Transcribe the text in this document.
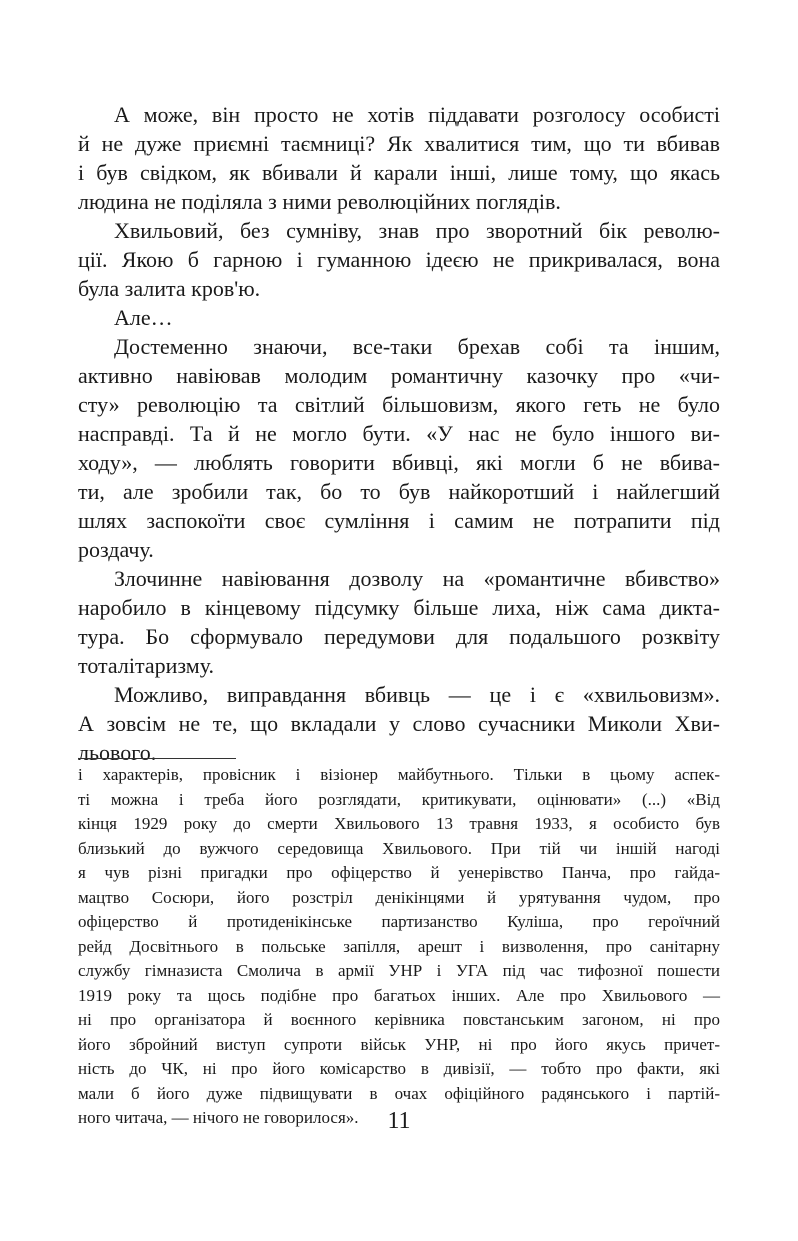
А може, він просто не хотів піддавати розголосу особисті
й не дуже приємні таємниці? Як хвалитися тим, що ти вбивав
і був свідком, як вбивали й карали інші, лише тому, що якась
людина не поділяла з ними революційних поглядів.

Хвильовий, без сумніву, знав про зворотний бік револю-
ції. Якою б гарною і гуманною ідеєю не прикривалася, вона
була залита кров'ю.

Але…

Достеменно знаючи, все-таки брехав собі та іншим,
активно навіював молодим романтичну казочку про «чи-
сту» революцію та світлий більшовизм, якого геть не було
насправді. Та й не могло бути. «У нас не було іншого ви-
ходу», — люблять говорити вбивці, які могли б не вбива-
ти, але зробили так, бо то був найкоротший і найлегший
шлях заспокоїти своє сумління і самим не потрапити під
роздачу.

Злочинне навіювання дозволу на «романтичне вбивство»
наробило в кінцевому підсумку більше лиха, ніж сама дикта-
тура. Бо сформувало передумови для подальшого розквіту
тоталітаризму.

Можливо, виправдання вбивць — це і є «хвильовизм».
А зовсім не те, що вкладали у слово сучасники Миколи Хви-
льового.

і характерів, провісник і візіонер майбутнього. Тільки в цьому аспек-
ті можна і треба його розглядати, критикувати, оцінювати» (...) «Від
кінця 1929 року до смерти Хвильового 13 травня 1933, я особисто був
близький до вужчого середовища Хвильового. При тій чи іншій нагоді
я чув різні пригадки про офіцерство й уенерівство Панча, про гайда-
мацтво Сосюри, його розстріл денікінцями й урятування чудом, про
офіцерство й протиденікінське партизанство Куліша, про героїчний
рейд Досвітнього в польське запілля, арешт і визволення, про санітарну
службу гімназиста Смолича в армії УНР і УГА під час тифозної пошести
1919 року та щось подібне про багатьох інших. Але про Хвильового —
ні про організатора й воєнного керівника повстанським загоном, ні про
його збройний виступ супроти військ УНР, ні про його якусь причет-
ність до ЧК, ні про його комісарство в дивізії, — тобто про факти, які
мали б його дуже підвищувати в очах офіційного радянського і партій-
ного читача, — нічого не говорилося».	11
